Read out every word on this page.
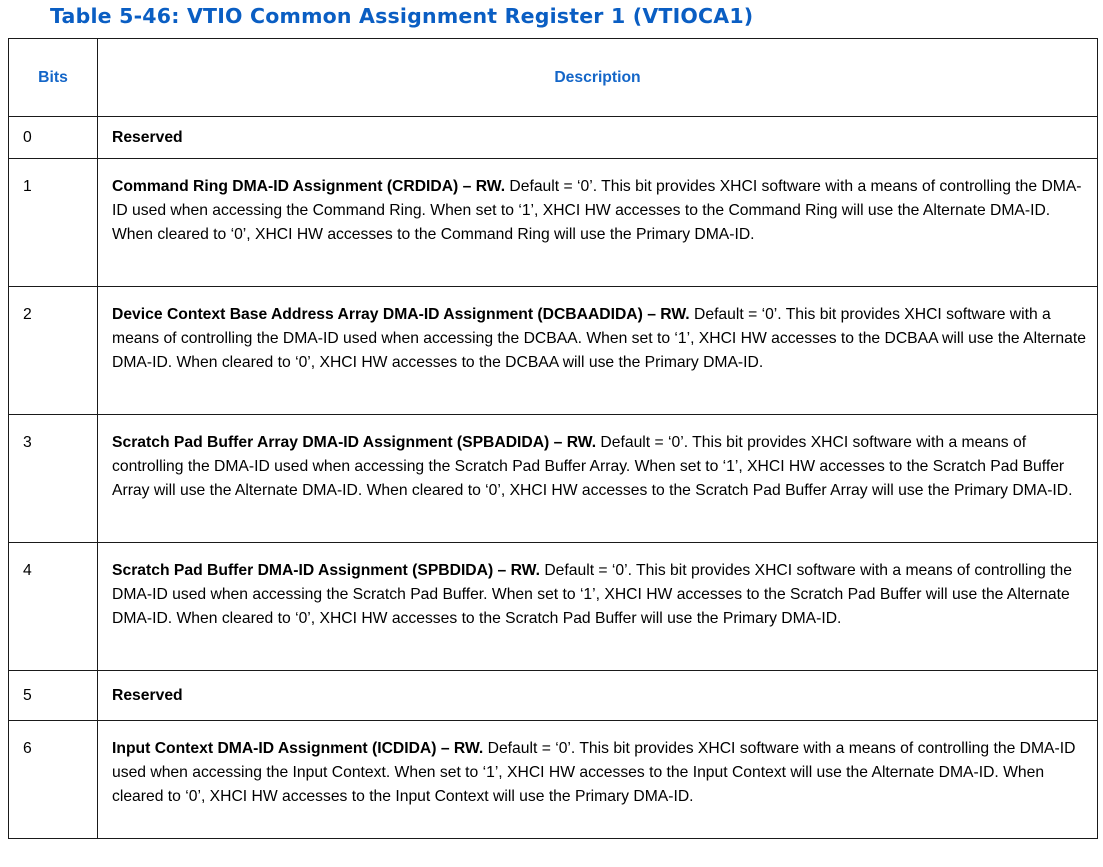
Table 5-46: VTIO Common Assignment Register 1 (VTIOCA1)
Bits	Description
0	Reserved
1	Command Ring DMA-ID Assignment (CRDIDA) – RW. Default = ‘0’. This bit provides XHCI software with a means of controlling the DMA-ID used when accessing the Command Ring. When set to ‘1’, XHCI HW accesses to the Command Ring will use the Alternate DMA-ID. When cleared to ‘0’, XHCI HW accesses to the Command Ring will use the Primary DMA-ID.
2	Device Context Base Address Array DMA-ID Assignment (DCBAADIDA) – RW. Default = ‘0’. This bit provides XHCI software with a means of controlling the DMA-ID used when accessing the DCBAA. When set to ‘1’, XHCI HW accesses to the DCBAA will use the Alternate DMA-ID. When cleared to ‘0’, XHCI HW accesses to the DCBAA will use the Primary DMA-ID.
3	Scratch Pad Buffer Array DMA-ID Assignment (SPBADIDA) – RW. Default = ‘0’. This bit provides XHCI software with a means of controlling the DMA-ID used when accessing the Scratch Pad Buffer Array. When set to ‘1’, XHCI HW accesses to the Scratch Pad Buffer Array will use the Alternate DMA-ID. When cleared to ‘0’, XHCI HW accesses to the Scratch Pad Buffer Array will use the Primary DMA-ID.
4	Scratch Pad Buffer DMA-ID Assignment (SPBDIDA) – RW. Default = ‘0’. This bit provides XHCI software with a means of controlling the DMA-ID used when accessing the Scratch Pad Buffer. When set to ‘1’, XHCI HW accesses to the Scratch Pad Buffer will use the Alternate DMA-ID. When cleared to ‘0’, XHCI HW accesses to the Scratch Pad Buffer will use the Primary DMA-ID.
5	Reserved
6	Input Context DMA-ID Assignment (ICDIDA) – RW. Default = ‘0’. This bit provides XHCI software with a means of controlling the DMA-ID used when accessing the Input Context. When set to ‘1’, XHCI HW accesses to the Input Context will use the Alternate DMA-ID. When cleared to ‘0’, XHCI HW accesses to the Input Context will use the Primary DMA-ID.
